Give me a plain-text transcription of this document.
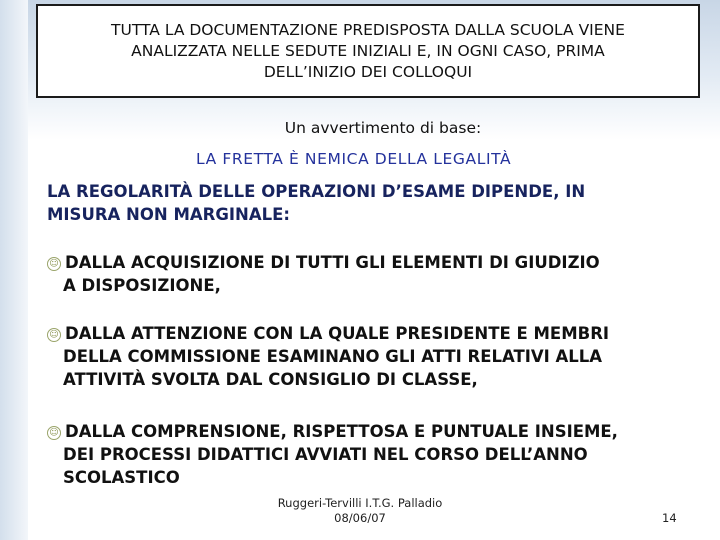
TUTTA LA DOCUMENTAZIONE PREDISPOSTA DALLA SCUOLA VIENE
ANALIZZATA NELLE SEDUTE INIZIALI E, IN OGNI CASO, PRIMA
DELL’INIZIO DEI COLLOQUI
Un avvertimento di base:
LA FRETTA È NEMICA DELLA LEGALITÀ
LA REGOLARITÀ DELLE OPERAZIONI D’ESAME DIPENDE, IN
MISURA NON MARGINALE:
☺ DALLA ACQUISIZIONE DI TUTTI GLI ELEMENTI DI GIUDIZIO
A DISPOSIZIONE,
☺ DALLA ATTENZIONE CON LA QUALE PRESIDENTE E MEMBRI
DELLA COMMISSIONE ESAMINANO GLI ATTI RELATIVI ALLA
ATTIVITÀ SVOLTA DAL CONSIGLIO DI CLASSE,
☺ DALLA COMPRENSIONE, RISPETTOSA E PUNTUALE INSIEME,
DEI PROCESSI DIDATTICI AVVIATI NEL CORSO DELL’ANNO
SCOLASTICO
Ruggeri-Tervilli I.T.G. Palladio
08/06/07	14
